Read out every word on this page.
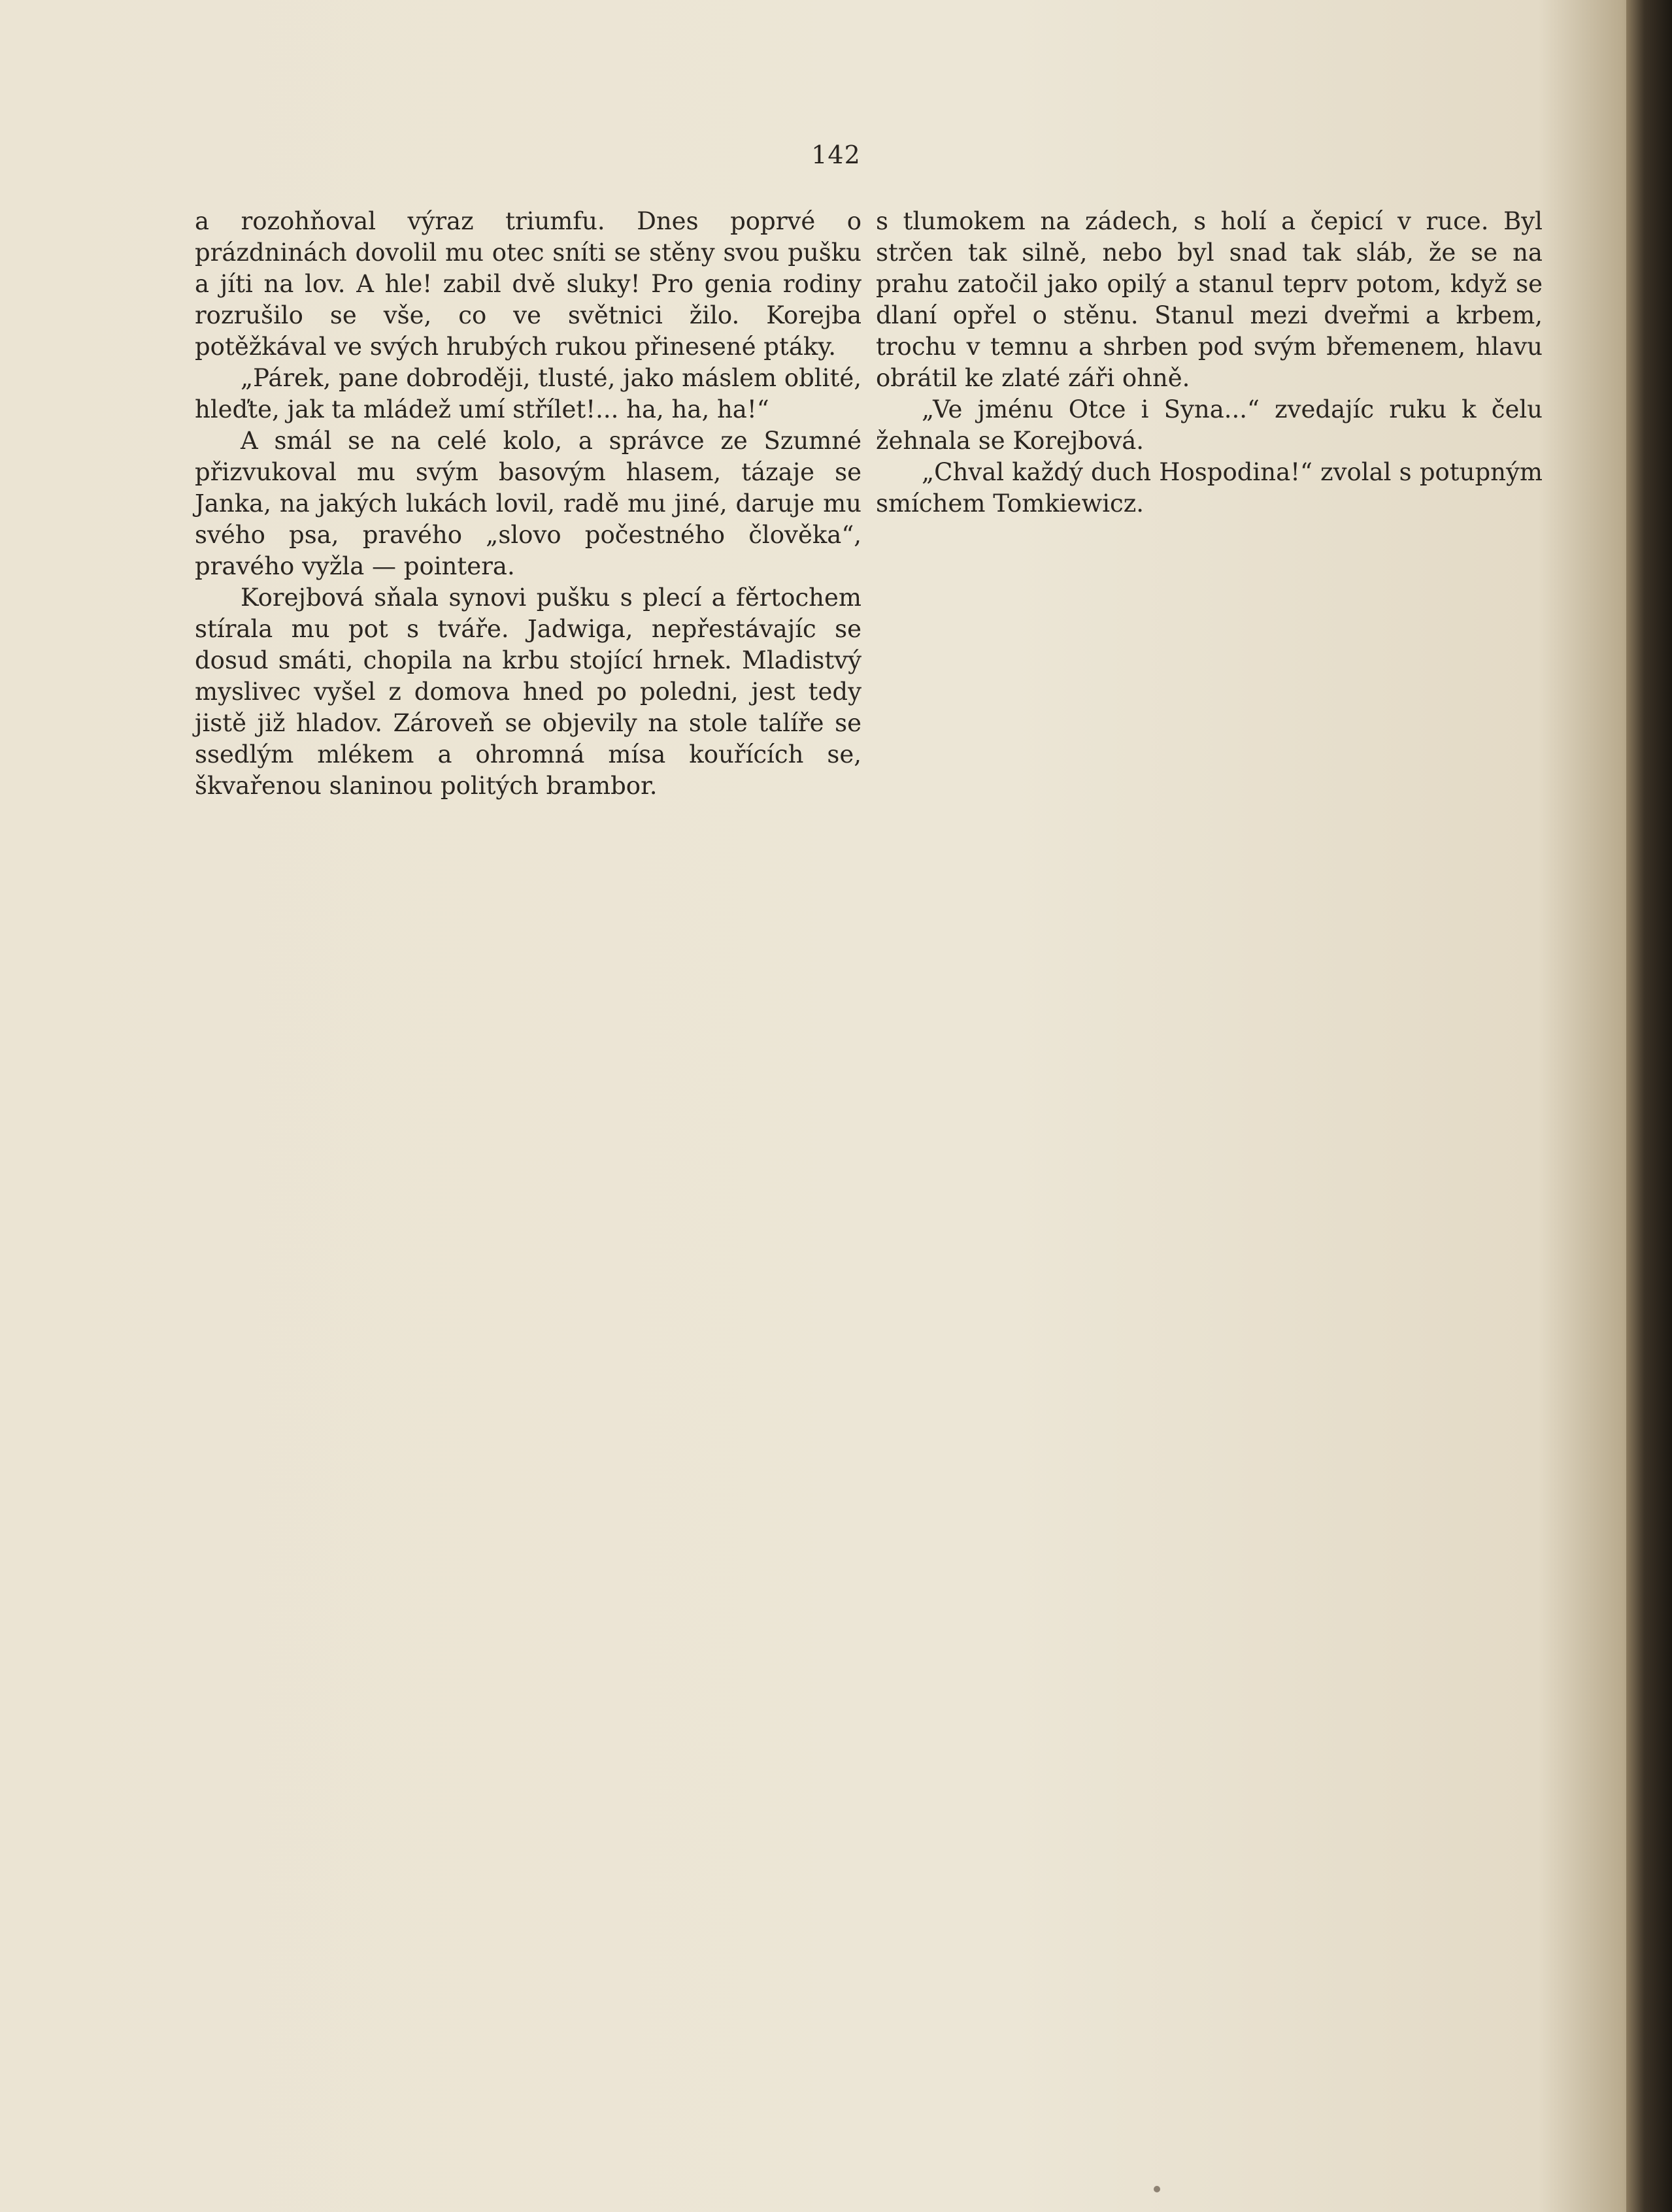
142

a rozohňoval výraz triumfu. Dnes poprvé o prázdninách dovolil mu otec sníti se stěny svou pušku a jíti na lov. A hle! zabil dvě sluky! Pro genia rodiny rozrušilo se vše, co ve světnici žilo. Korejba potěžkával ve svých hrubých rukou přinesené ptáky.

„Párek, pane dobroději, tlusté, jako máslem oblité, hleďte, jak ta mládež umí střílet!... ha, ha, ha!“

A smál se na celé kolo, a správce ze Szumné přizvukoval mu svým basovým hlasem, tázaje se Janka, na jakých lukách lovil, radě mu jiné, daruje mu svého psa, pravého „slovo počestného člověka“, pravého vyžla — pointera.

Korejbová sňala synovi pušku s plecí a fěrtochem stírala mu pot s tváře. Jadwiga, nepřestávajíc se dosud smáti, chopila na krbu stojící hrnek. Mladistvý myslivec vyšel z domova hned po poledni, jest tedy jistě již hladov. Zároveň se objevily na stole talíře se ssedlým mlékem a ohromná mísa kouřících se, škvařenou slaninou politých brambor.

s tlumokem na zádech, s holí a čepicí v ruce. Byl strčen tak silně, nebo byl snad tak sláb, že se na prahu zatočil jako opilý a stanul teprv potom, když se dlaní opřel o stěnu. Stanul mezi dveřmi a krbem, trochu v temnu a shrben pod svým břemenem, hlavu obrátil ke zlaté záři ohně.

„Ve jménu Otce i Syna...“ zvedajíc ruku k čelu žehnala se Korejbová.

„Chval každý duch Hospodina!“ zvolal s potupným smíchem Tomkiewicz.
